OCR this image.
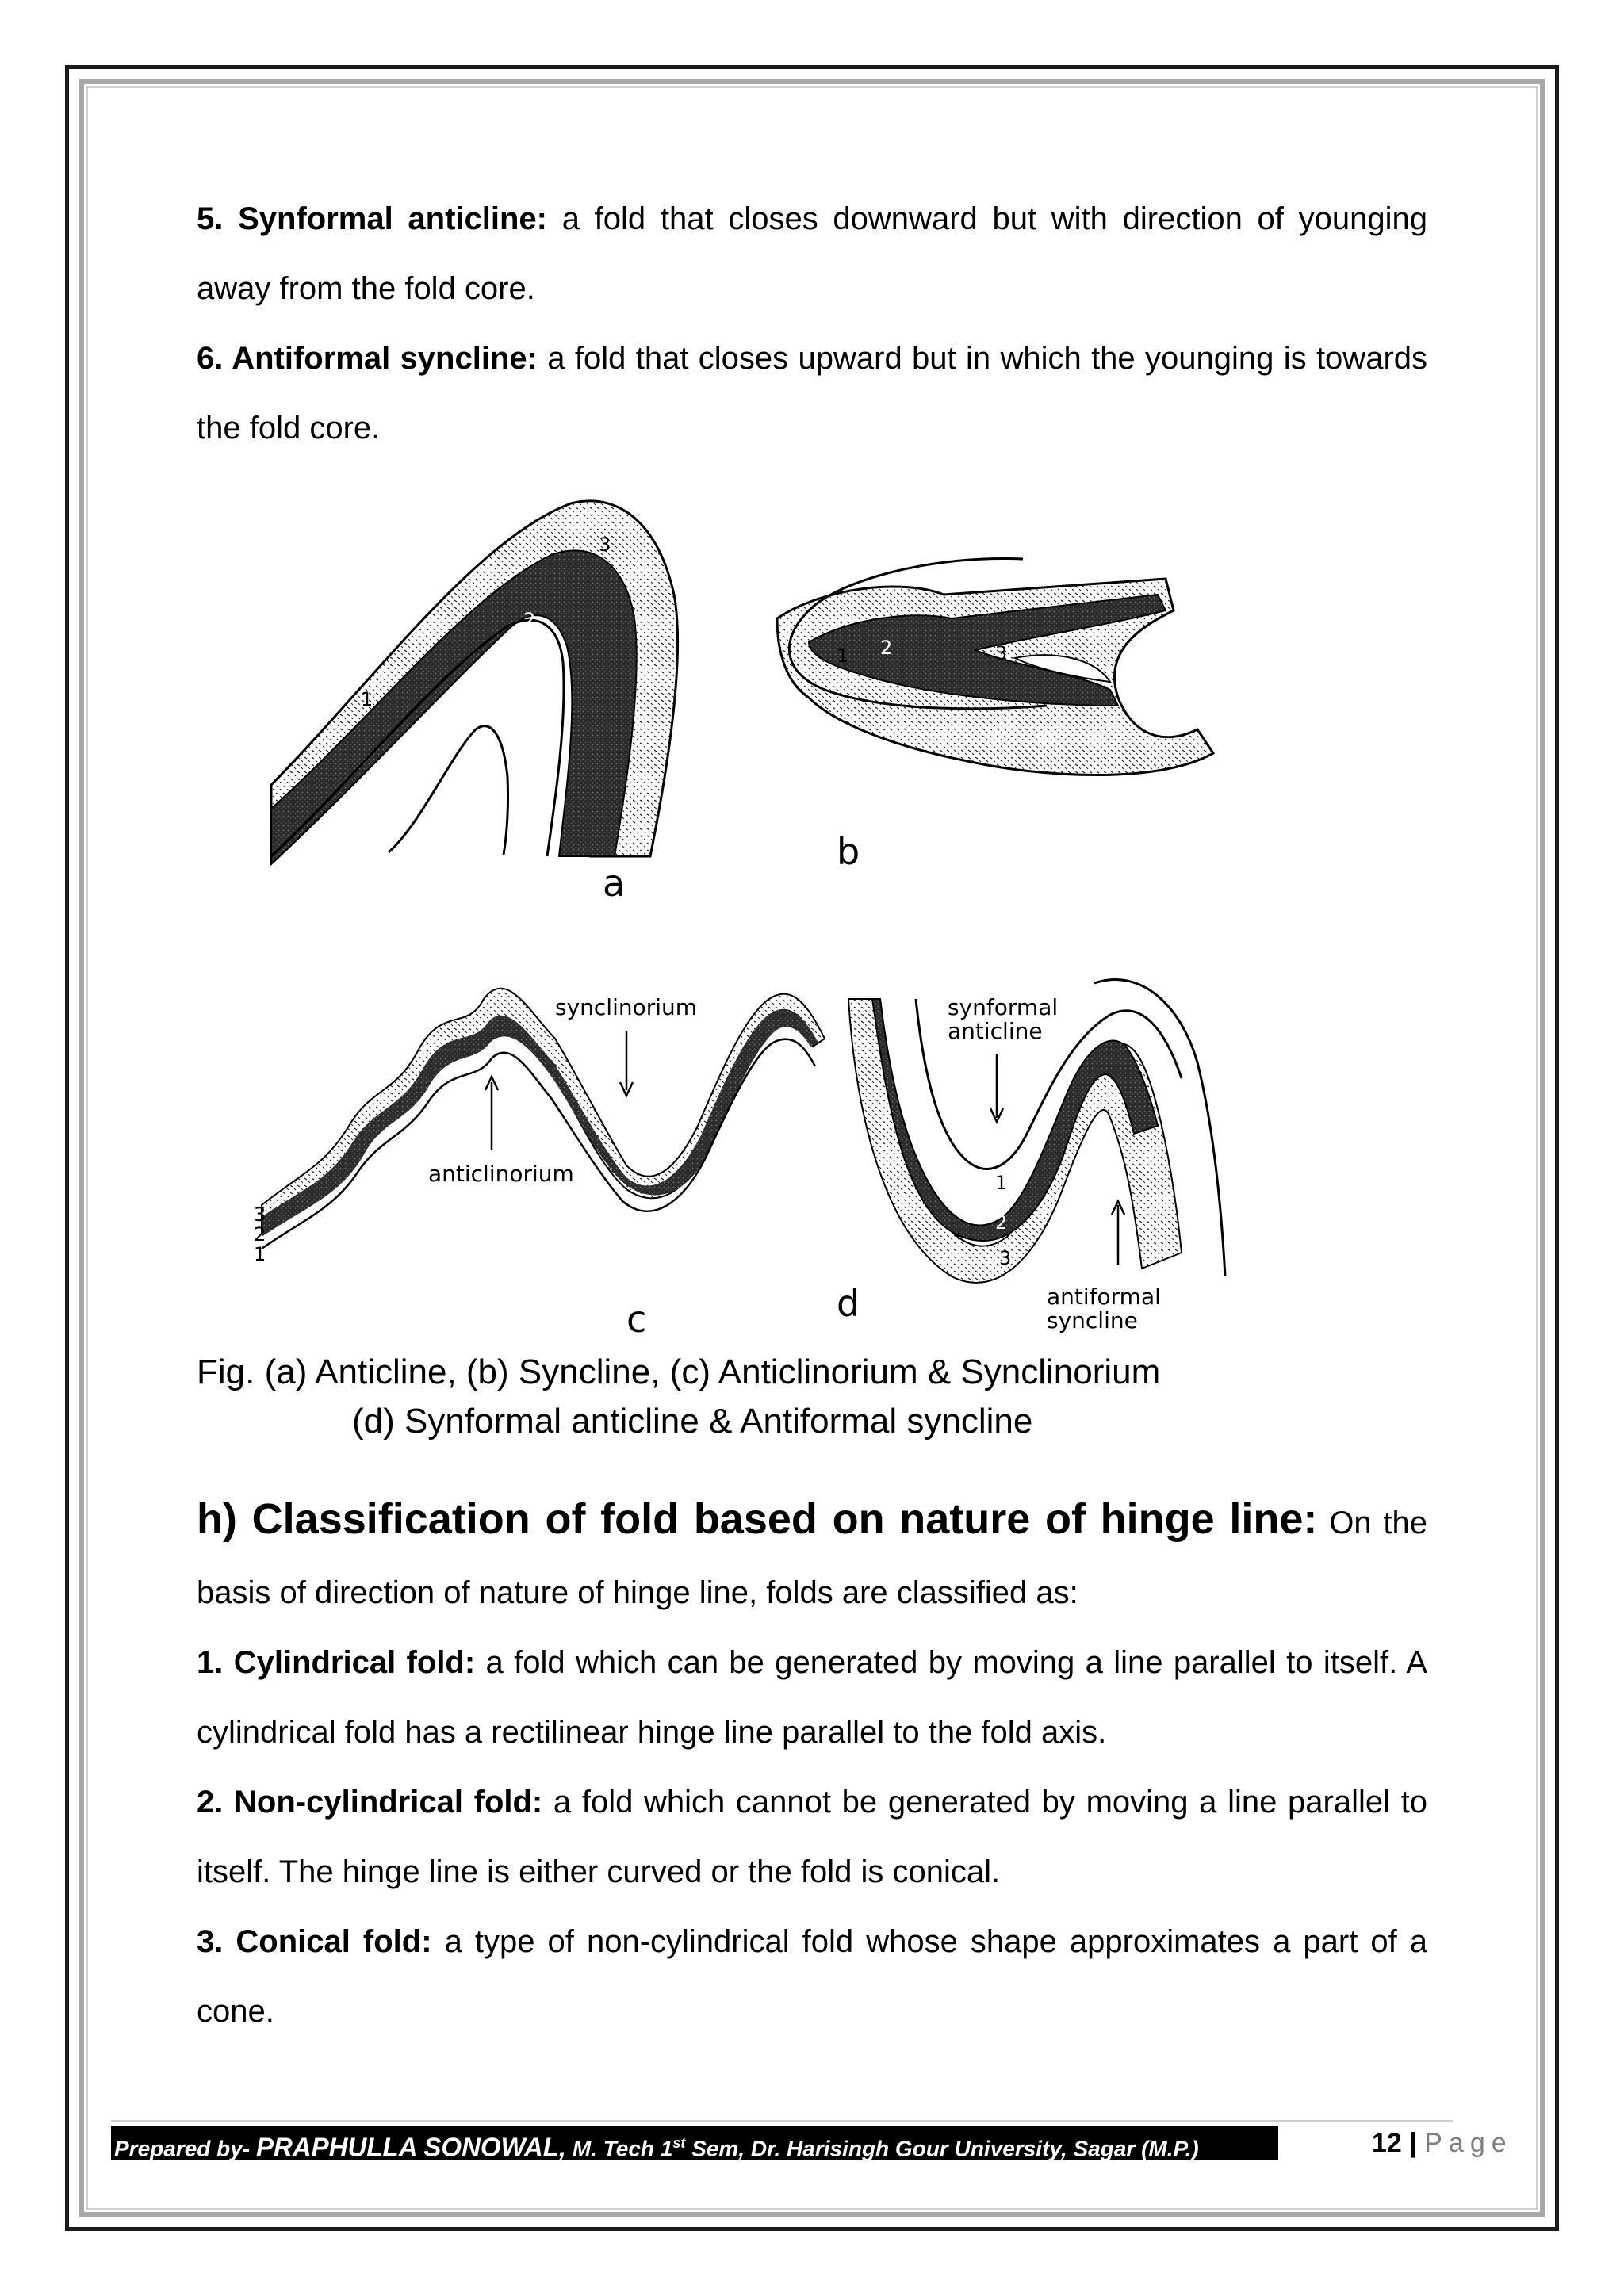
5. Synformal anticline: a fold that closes downward but with direction of younging away from the fold core.

6. Antiformal syncline: a fold that closes upward but in which the younging is towards the fold core.

1
2
3
a
1 2	3
b
3
2
1
synclinorium
anticlinorium
c
synformal
anticline
1
2
3
antiformal
syncline
d
Fig. (a) Anticline, (b) Syncline, (c) Anticlinorium & Synclinorium
(d) Synformal anticline & Antiformal syncline

h) Classification of fold based on nature of hinge line: On the basis of direction of nature of hinge line, folds are classified as:

1. Cylindrical fold: a fold which can be generated by moving a line parallel to itself. A cylindrical fold has a rectilinear hinge line parallel to the fold axis.

2. Non-cylindrical fold: a fold which cannot be generated by moving a line parallel to itself. The hinge line is either curved or the fold is conical.

3. Conical fold: a type of non-cylindrical fold whose shape approximates a part of a cone.

Prepared by- PRAPHULLA SONOWAL, M. Tech 1st Sem, Dr. Harisingh Gour University, Sagar (M.P.)	12 | Page
